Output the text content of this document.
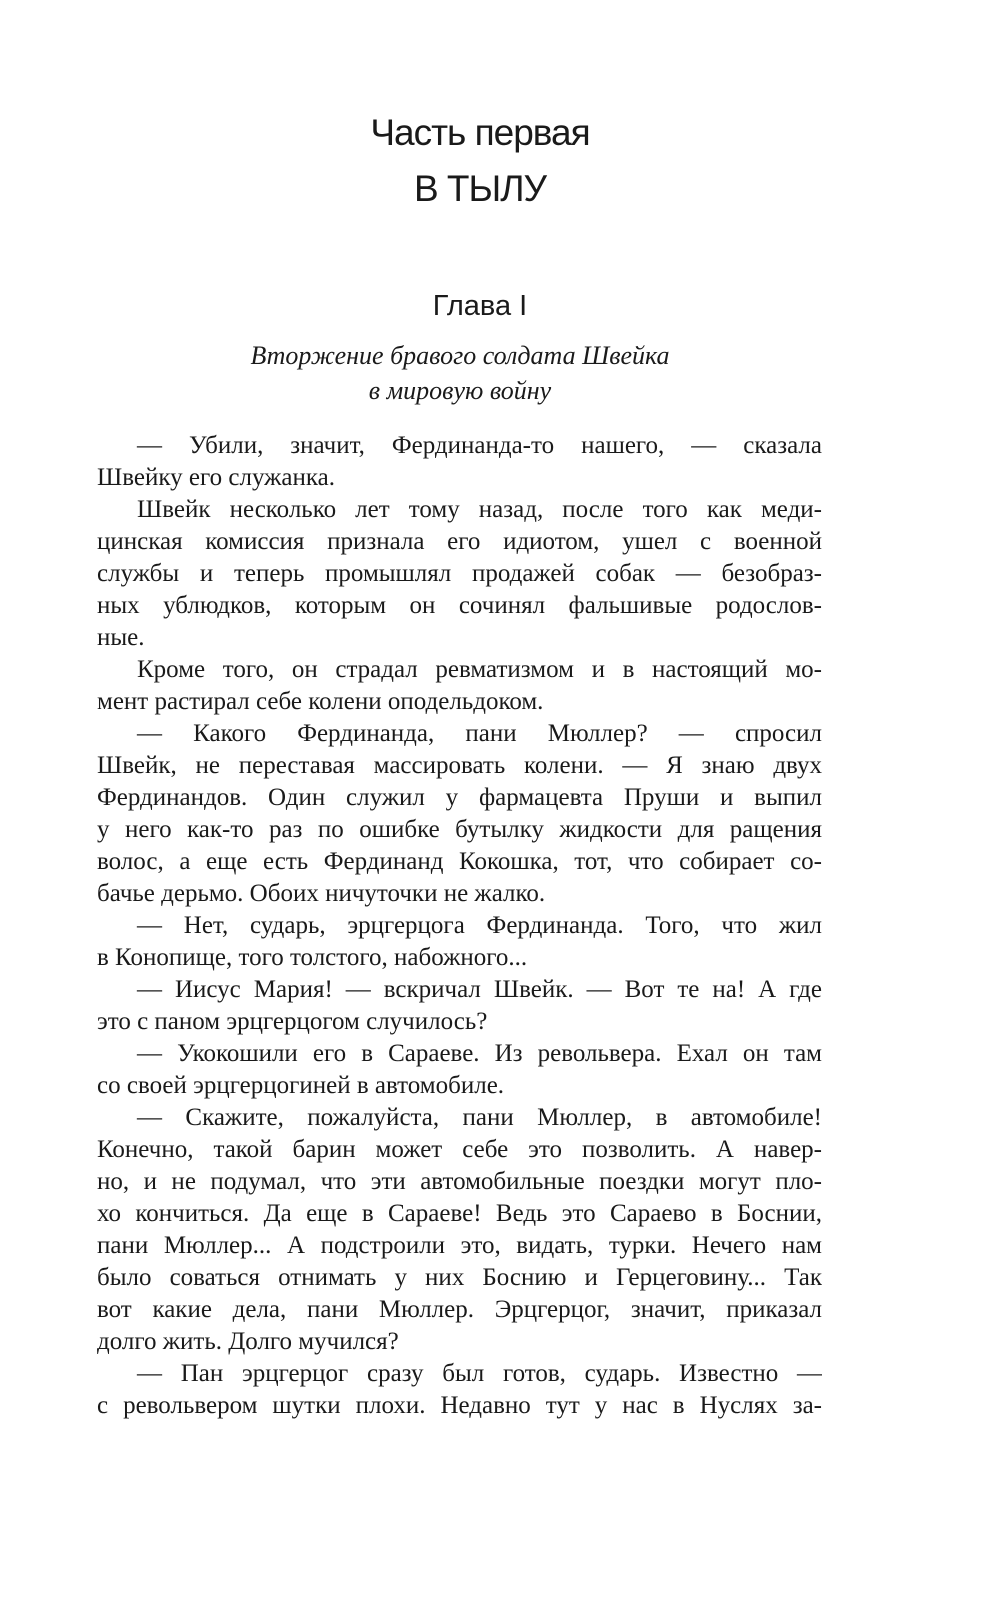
Часть первая
В ТЫЛУ
Глава I
Вторжение бравого солдата Швейка
в мировую войну
— Убили, значит, Фердинанда-то нашего, — сказала
Швейку его служанка.
Швейк несколько лет тому назад, после того как меди-
цинская комиссия признала его идиотом, ушел с военной
службы и теперь промышлял продажей собак — безобраз-
ных ублюдков, которым он сочинял фальшивые родослов-
ные.
Кроме того, он страдал ревматизмом и в настоящий мо-
мент растирал себе колени оподельдоком.
— Какого Фердинанда, пани Мюллер? — спросил
Швейк, не переставая массировать колени. — Я знаю двух
Фердинандов. Один служил у фармацевта Пруши и выпил
у него как-то раз по ошибке бутылку жидкости для ращения
волос, а еще есть Фердинанд Кокошка, тот, что собирает со-
бачье дерьмо. Обоих ничуточки не жалко.
— Нет, сударь, эрцгерцога Фердинанда. Того, что жил
в Конопище, того толстого, набожного...
— Иисус Мария! — вскричал Швейк. — Вот те на! А где
это с паном эрцгерцогом случилось?
— Укокошили его в Сараеве. Из револьвера. Ехал он там
со своей эрцгерцогиней в автомобиле.
— Скажите, пожалуйста, пани Мюллер, в автомобиле!
Конечно, такой барин может себе это позволить. А навер-
но, и не подумал, что эти автомобильные поездки могут пло-
хо кончиться. Да еще в Сараеве! Ведь это Сараево в Боснии,
пани Мюллер... А подстроили это, видать, турки. Нечего нам
было соваться отнимать у них Боснию и Герцеговину... Так
вот какие дела, пани Мюллер. Эрцгерцог, значит, приказал
долго жить. Долго мучился?
— Пан эрцгерцог сразу был готов, сударь. Известно —
с револьвером шутки плохи. Недавно тут у нас в Нуслях за-
